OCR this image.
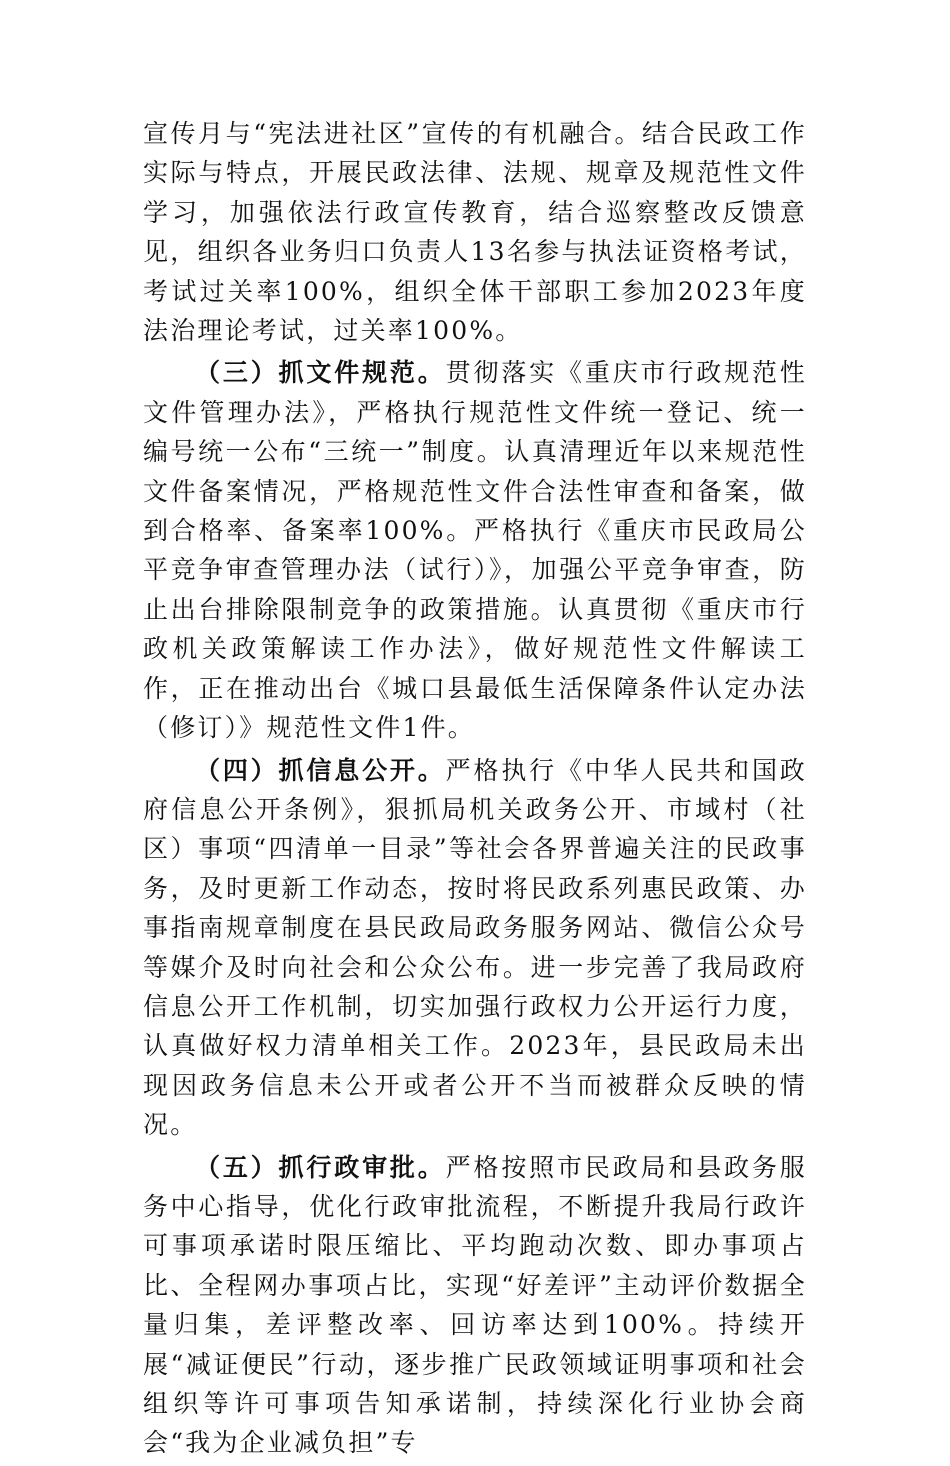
宣传月与“宪法进社区”宣传的有机融合。结合民政工作实际与特点，开展民政法律、法规、规章及规范性文件学习，加强依法行政宣传教育，结合巡察整改反馈意见，组织各业务归口负责人13名参与执法证资格考试，考试过关率100%，组织全体干部职工参加2023年度法治理论考试，过关率100%。

（三）抓文件规范。贯彻落实《重庆市行政规范性文件管理办法》，严格执行规范性文件统一登记、统一编号统一公布“三统一”制度。认真清理近年以来规范性文件备案情况，严格规范性文件合法性审查和备案，做到合格率、备案率100%。严格执行《重庆市民政局公平竞争审查管理办法（试行）》，加强公平竞争审查，防止出台排除限制竞争的政策措施。认真贯彻《重庆市行政机关政策解读工作办法》，做好规范性文件解读工作，正在推动出台《城口县最低生活保障条件认定办法（修订）》规范性文件1件。

（四）抓信息公开。严格执行《中华人民共和国政府信息公开条例》，狠抓局机关政务公开、市域村（社区）事项“四清单一目录”等社会各界普遍关注的民政事务，及时更新工作动态，按时将民政系列惠民政策、办事指南规章制度在县民政局政务服务网站、微信公众号等媒介及时向社会和公众公布。进一步完善了我局政府信息公开工作机制，切实加强行政权力公开运行力度，认真做好权力清单相关工作。2023年，县民政局未出现因政务信息未公开或者公开不当而被群众反映的情况。

（五）抓行政审批。严格按照市民政局和县政务服务中心指导，优化行政审批流程，不断提升我局行政许可事项承诺时限压缩比、平均跑动次数、即办事项占比、全程网办事项占比，实现“好差评”主动评价数据全量归集，差评整改率、回访率达到100%。持续开展“减证便民”行动，逐步推广民政领域证明事项和社会组织等许可事项告知承诺制，持续深化行业协会商会“我为企业减负担”专
